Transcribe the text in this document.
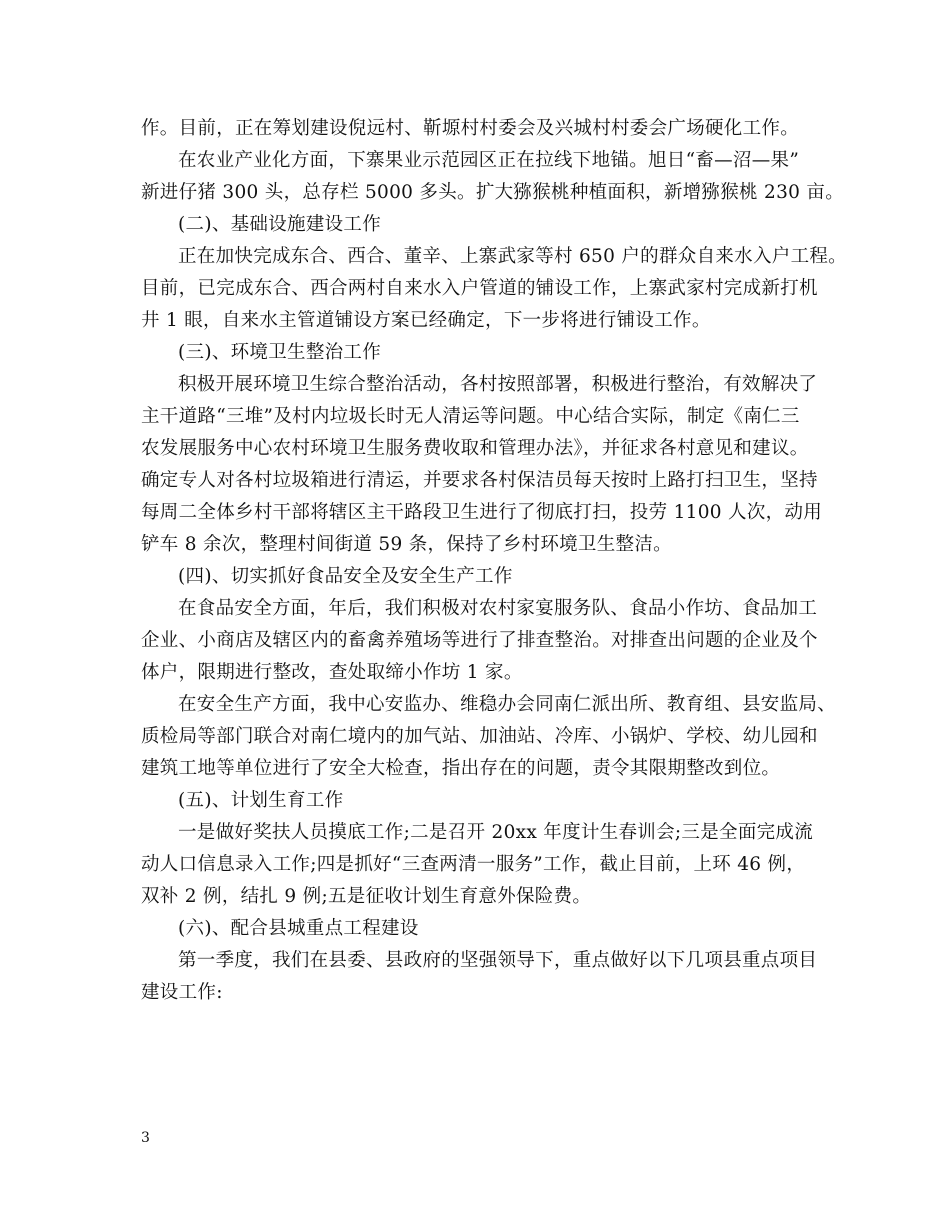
作。目前，正在筹划建设倪远村、靳塬村村委会及兴城村村委会广场硬化工作。
在农业产业化方面，下寨果业示范园区正在拉线下地锚。旭日“畜—沼—果”
新进仔猪 300 头，总存栏 5000 多头。扩大猕猴桃种植面积，新增猕猴桃 230 亩。
(二)、基础设施建设工作
正在加快完成东合、西合、董辛、上寨武家等村 650 户的群众自来水入户工程。
目前，已完成东合、西合两村自来水入户管道的铺设工作，上寨武家村完成新打机
井 1 眼，自来水主管道铺设方案已经确定，下一步将进行铺设工作。
(三)、环境卫生整治工作
积极开展环境卫生综合整治活动，各村按照部署，积极进行整治，有效解决了
主干道路“三堆”及村内垃圾长时无人清运等问题。中心结合实际，制定《南仁三
农发展服务中心农村环境卫生服务费收取和管理办法》，并征求各村意见和建议。
确定专人对各村垃圾箱进行清运，并要求各村保洁员每天按时上路打扫卫生，坚持
每周二全体乡村干部将辖区主干路段卫生进行了彻底打扫，投劳 1100 人次，动用
铲车 8 余次，整理村间街道 59 条，保持了乡村环境卫生整洁。
(四)、切实抓好食品安全及安全生产工作
在食品安全方面，年后，我们积极对农村家宴服务队、食品小作坊、食品加工
企业、小商店及辖区内的畜禽养殖场等进行了排查整治。对排查出问题的企业及个
体户，限期进行整改，查处取缔小作坊 1 家。
在安全生产方面，我中心安监办、维稳办会同南仁派出所、教育组、县安监局、
质检局等部门联合对南仁境内的加气站、加油站、冷库、小锅炉、学校、幼儿园和
建筑工地等单位进行了安全大检查，指出存在的问题，责令其限期整改到位。
(五)、计划生育工作
一是做好奖扶人员摸底工作;二是召开 20xx 年度计生春训会;三是全面完成流
动人口信息录入工作;四是抓好“三查两清一服务”工作，截止目前，上环 46 例，
双补 2 例，结扎 9 例;五是征收计划生育意外保险费。
(六)、配合县城重点工程建设
第一季度，我们在县委、县政府的坚强领导下，重点做好以下几项县重点项目
建设工作:
3
